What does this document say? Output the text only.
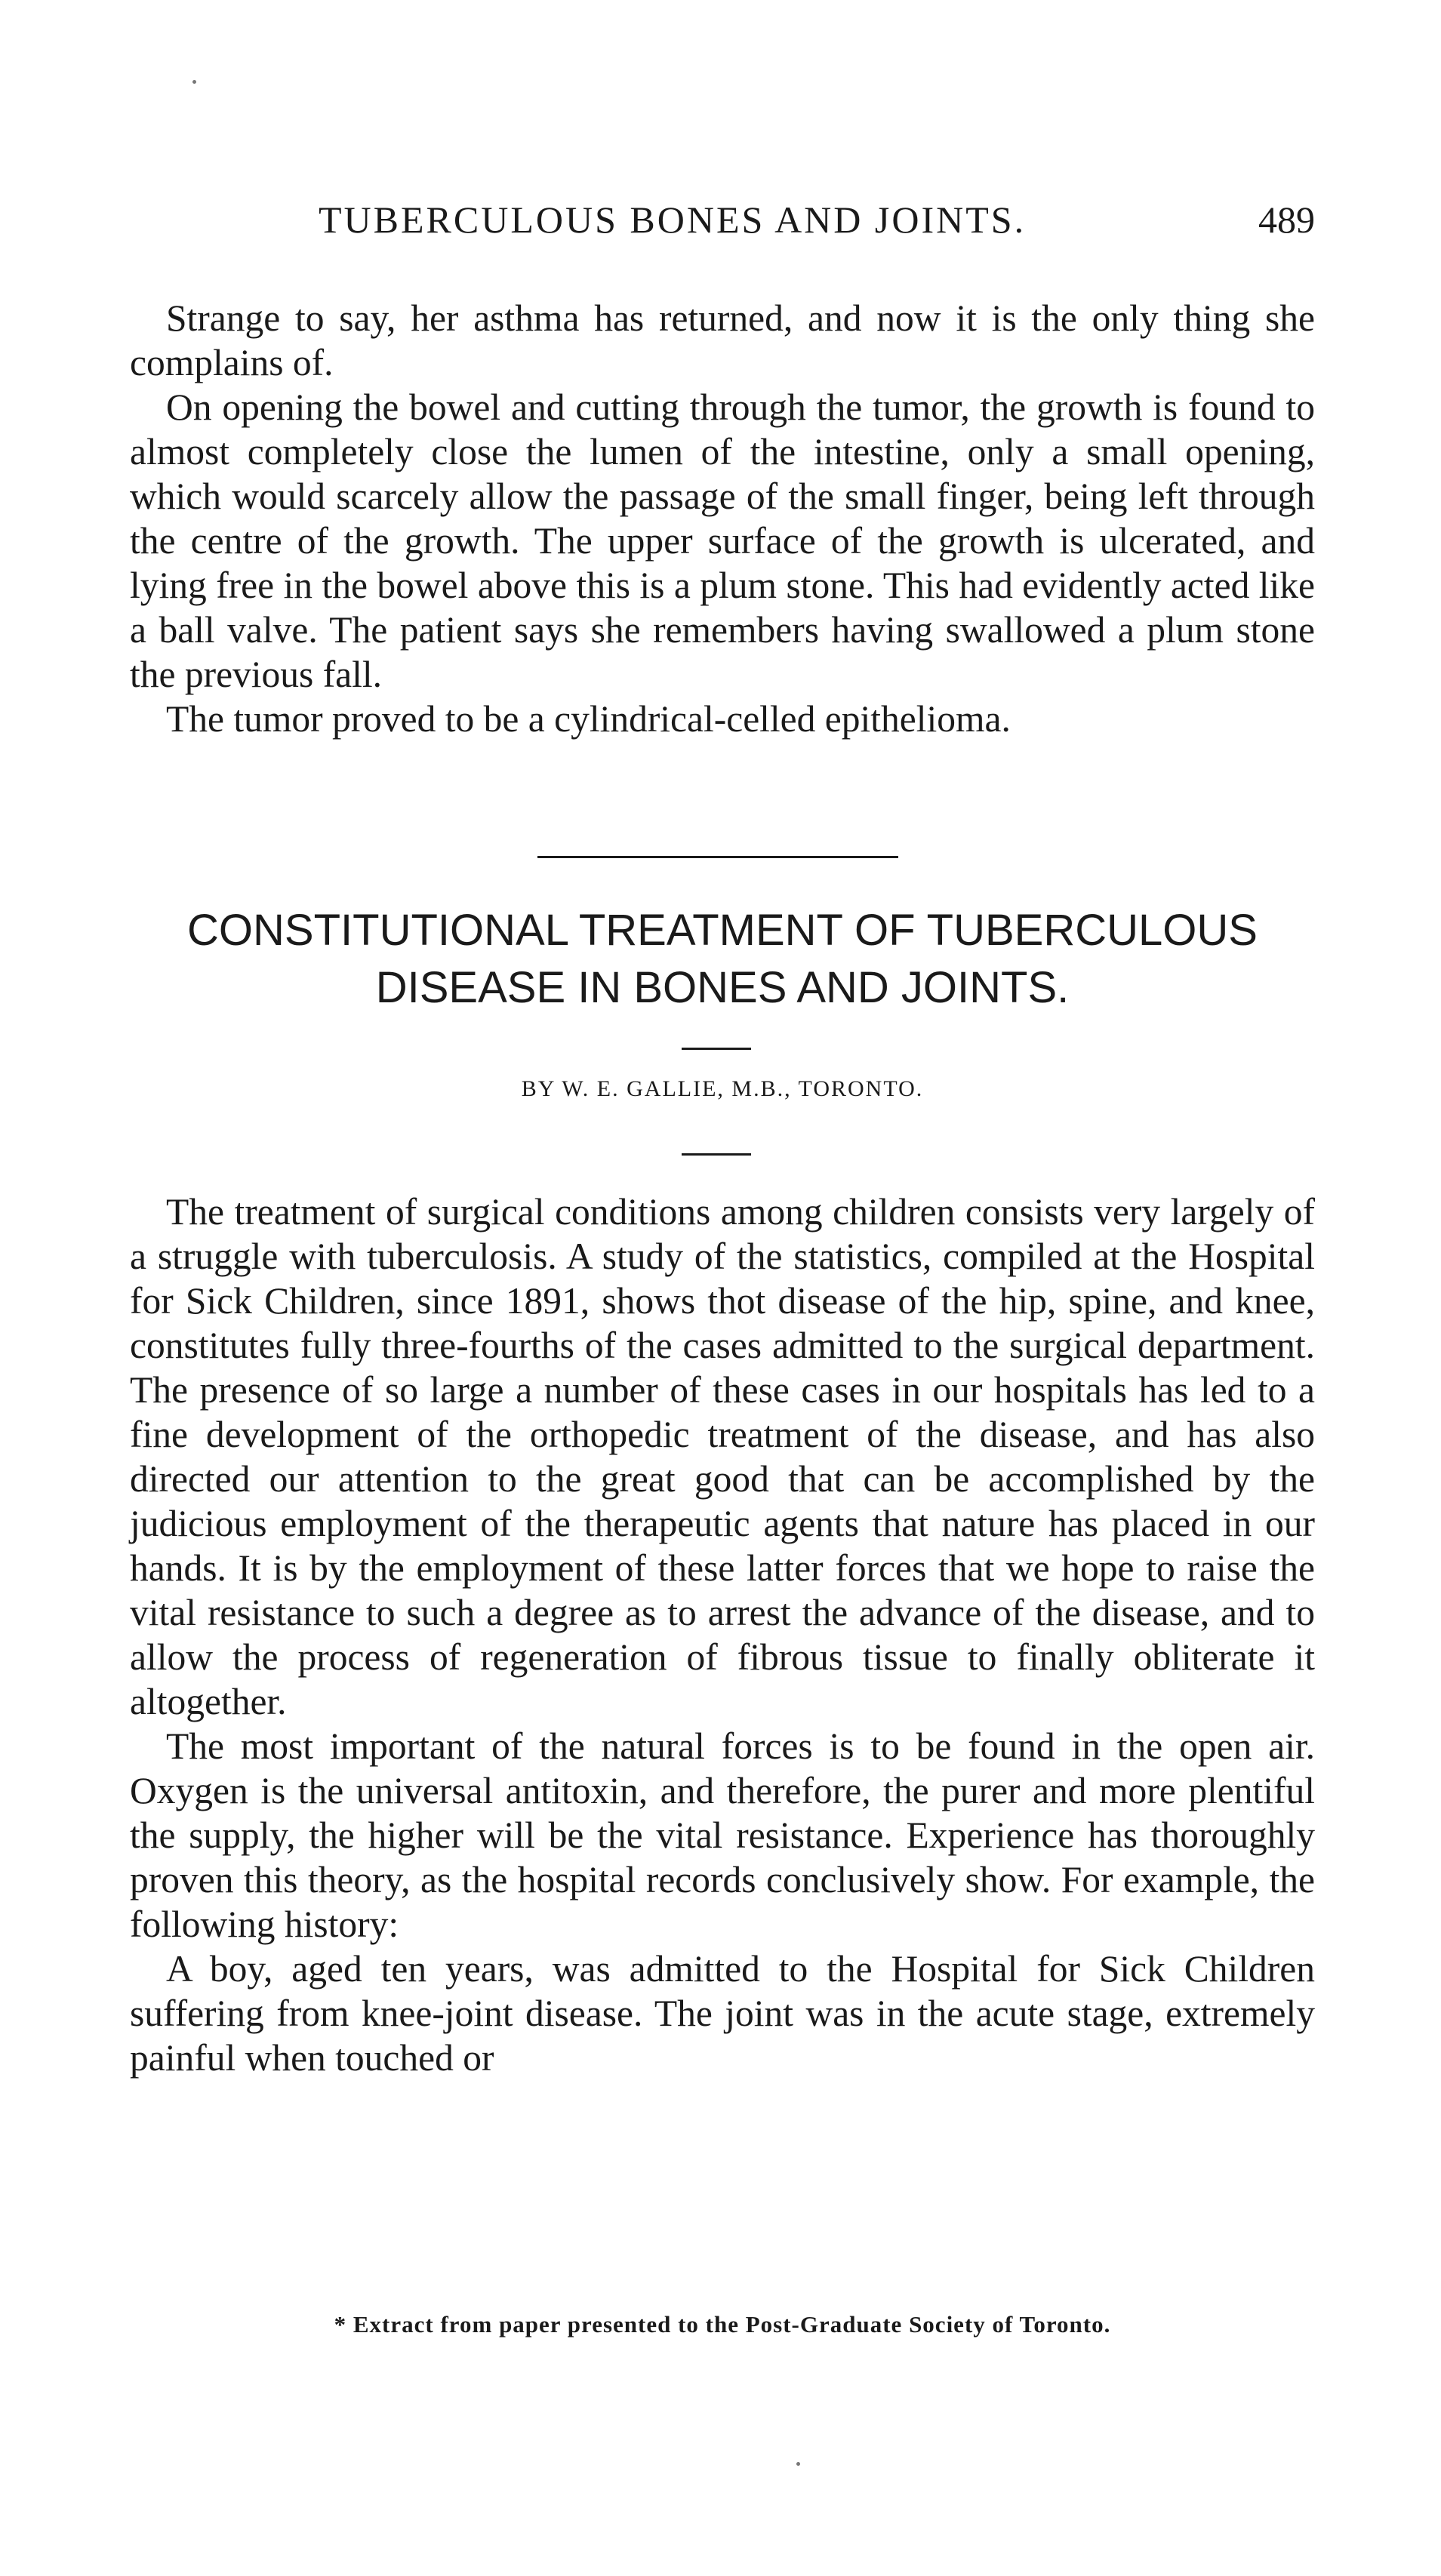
TUBERCULOUS BONES AND JOINTS.	489

Strange to say, her asthma has returned, and now it is the only thing she complains of.

On opening the bowel and cutting through the tumor, the growth is found to almost completely close the lumen of the intestine, only a small opening, which would scarcely allow the passage of the small finger, being left through the centre of the growth. The upper surface of the growth is ulcerated, and lying free in the bowel above this is a plum stone. This had evidently acted like a ball valve. The patient says she remembers having swallowed a plum stone the previous fall.

The tumor proved to be a cylindrical-celled epithelioma.

CONSTITUTIONAL TREATMENT OF TUBERCULOUS
DISEASE IN BONES AND JOINTS.
BY W. E. GALLIE, M.B., TORONTO.

The treatment of surgical conditions among children consists very largely of a struggle with tuberculosis. A study of the statistics, compiled at the Hospital for Sick Children, since 1891, shows thot disease of the hip, spine, and knee, constitutes fully three-fourths of the cases admitted to the surgical department. The presence of so large a number of these cases in our hospitals has led to a fine development of the orthopedic treatment of the disease, and has also directed our attention to the great good that can be accomplished by the judicious employment of the therapeutic agents that nature has placed in our hands. It is by the employment of these latter forces that we hope to raise the vital resistance to such a degree as to arrest the advance of the disease, and to allow the process of regeneration of fibrous tissue to finally obliterate it altogether.

The most important of the natural forces is to be found in the open air. Oxygen is the universal antitoxin, and therefore, the purer and more plentiful the supply, the higher will be the vital resistance. Experience has thoroughly proven this theory, as the hospital records conclusively show. For example, the following history:

A boy, aged ten years, was admitted to the Hospital for Sick Children suffering from knee-joint disease. The joint was in the acute stage, extremely painful when touched or

* Extract from paper presented to the Post-Graduate Society of Toronto.
